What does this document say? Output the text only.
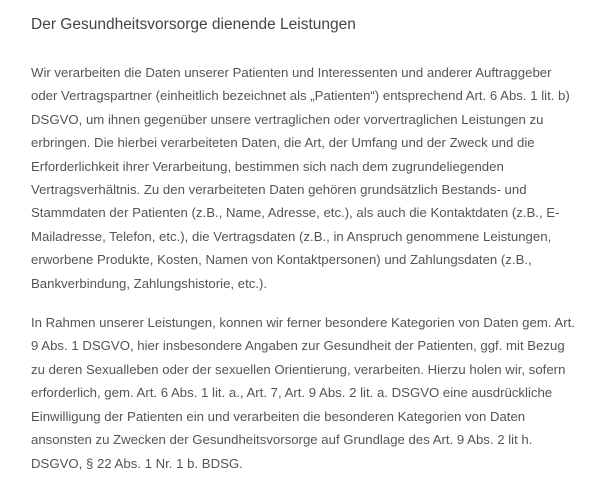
Der Gesundheitsvorsorge dienende Leistungen

Wir verarbeiten die Daten unserer Patienten und Interessenten und anderer Auftraggeber oder Vertragspartner (einheitlich bezeichnet als „Patienten“) entsprechend Art. 6 Abs. 1 lit. b) DSGVO, um ihnen gegenüber unsere vertraglichen oder vorvertraglichen Leistungen zu erbringen. Die hierbei verarbeiteten Daten, die Art, der Umfang und der Zweck und die Erforderlichkeit ihrer Verarbeitung, bestimmen sich nach dem zugrundeliegenden Vertragsverhältnis. Zu den verarbeiteten Daten gehören grundsätzlich Bestands- und Stammdaten der Patienten (z.B., Name, Adresse, etc.), als auch die Kontaktdaten (z.B., E-Mailadresse, Telefon, etc.), die Vertragsdaten (z.B., in Anspruch genommene Leistungen, erworbene Produkte, Kosten, Namen von Kontaktpersonen) und Zahlungsdaten (z.B., Bankverbindung, Zahlungshistorie, etc.).

In Rahmen unserer Leistungen, konnen wir ferner besondere Kategorien von Daten gem. Art. 9 Abs. 1 DSGVO, hier insbesondere Angaben zur Gesundheit der Patienten, ggf. mit Bezug zu deren Sexualleben oder der sexuellen Orientierung, verarbeiten. Hierzu holen wir, sofern erforderlich, gem. Art. 6 Abs. 1 lit. a., Art. 7, Art. 9 Abs. 2 lit. a. DSGVO eine ausdrückliche Einwilligung der Patienten ein und verarbeiten die besonderen Kategorien von Daten ansonsten zu Zwecken der Gesundheitsvorsorge auf Grundlage des Art. 9 Abs. 2 lit h. DSGVO, § 22 Abs. 1 Nr. 1 b. BDSG.
